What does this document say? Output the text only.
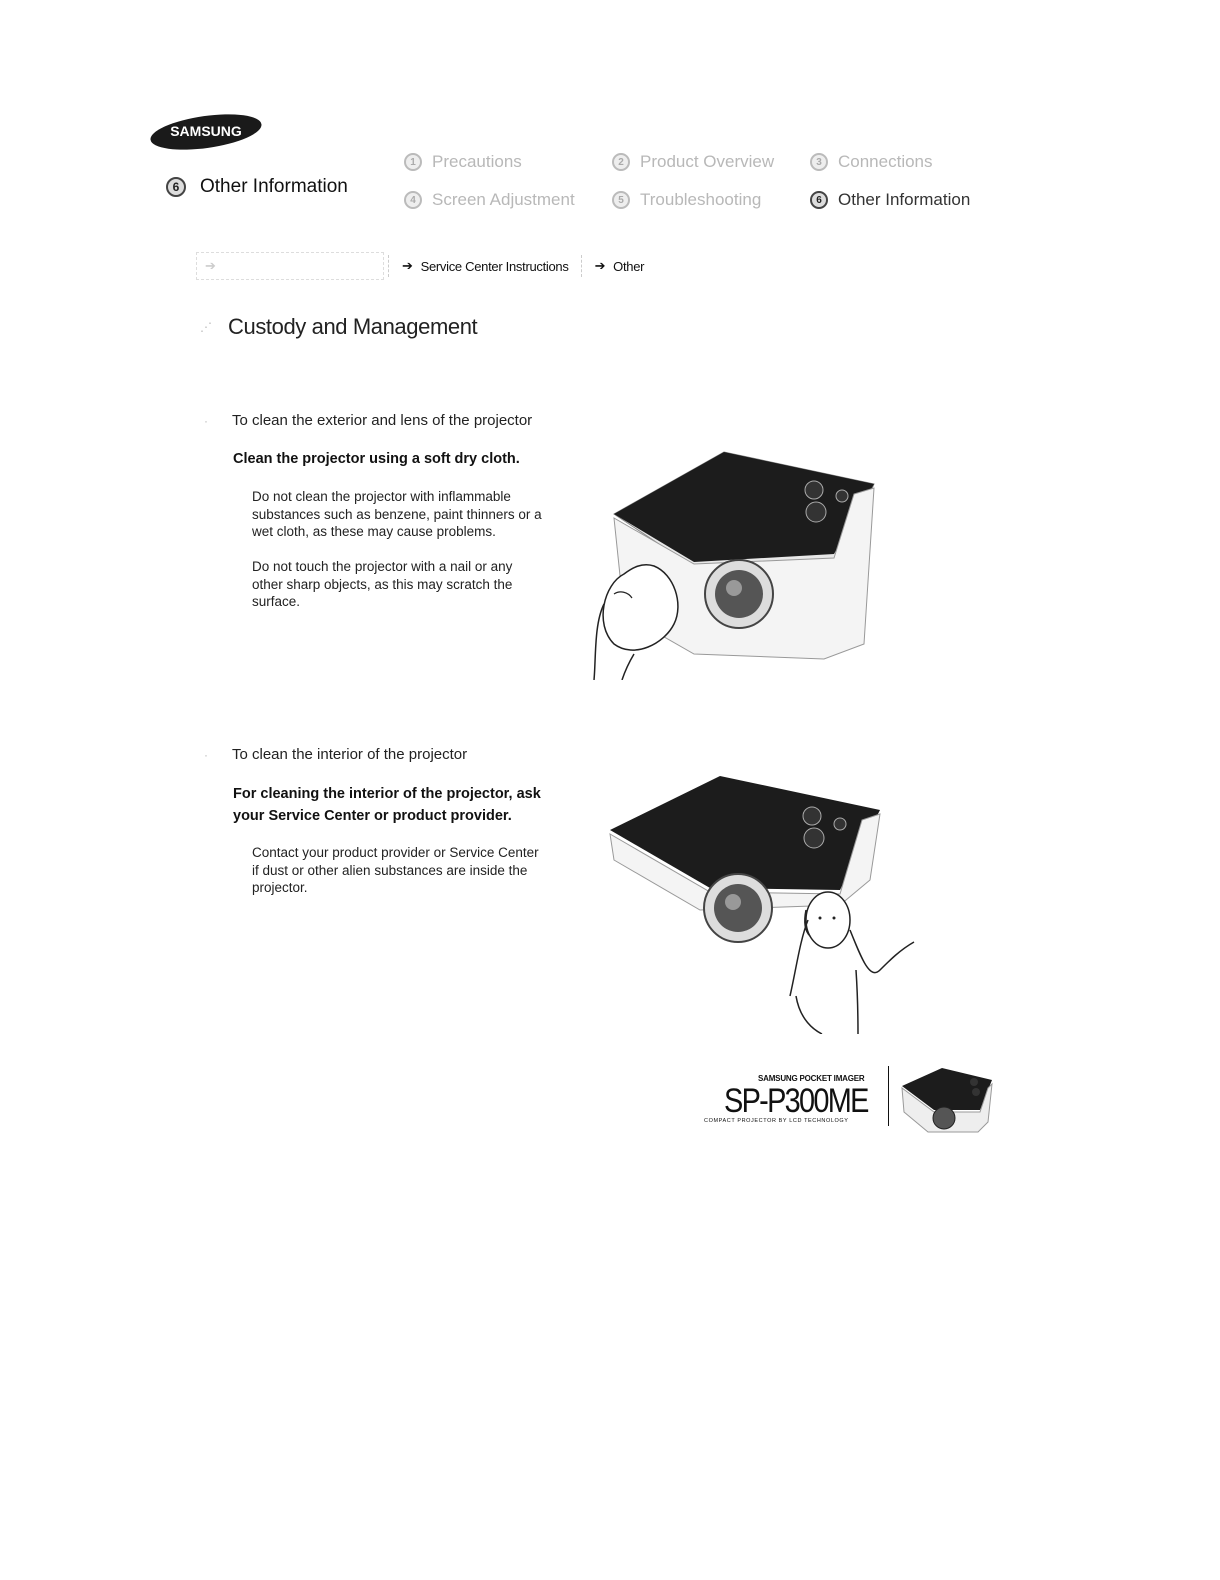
SAMSUNG
6	Other Information
1 Precautions	2 Product Overview	3 Connections
4 Screen Adjustment	5 Troubleshooting	6 Other Information
➔	➔ Service Center Instructions ➔ Other
⋰ Custody and Management
·	To clean the exterior and lens of the projector
Clean the projector using a soft dry cloth.
Do not clean the projector with inflammable substances such as benzene, paint thinners or a wet cloth, as these may cause problems.
Do not touch the projector with a nail or any other sharp objects, as this may scratch the surface.
·	To clean the interior of the projector
For cleaning the interior of the projector, ask your Service Center or product provider.
Contact your product provider or Service Center if dust or other alien substances are inside the projector.
SAMSUNG POCKET IMAGER
SP-P300ME
COMPACT PROJECTOR BY LCD TECHNOLOGY
